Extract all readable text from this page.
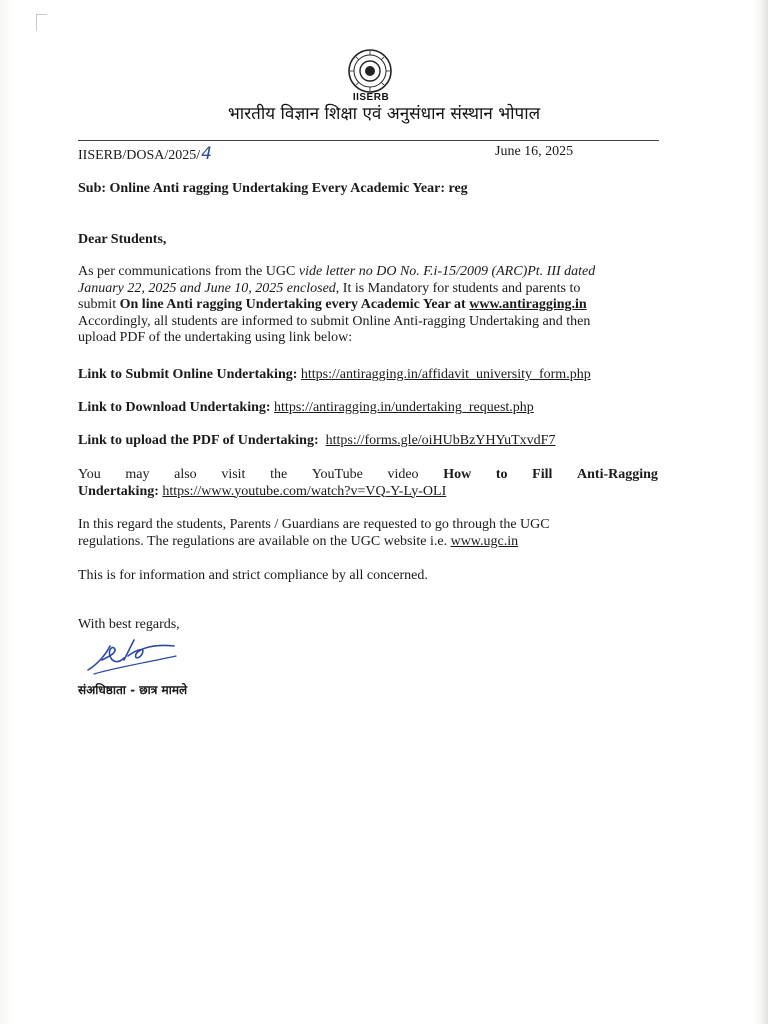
IISERB
भारतीय विज्ञान शिक्षा एवं अनुसंधान संस्थान भोपाल
IISERB/DOSA/2025/4	June 16, 2025
Sub: Online Anti ragging Undertaking Every Academic Year: reg
Dear Students,
As per communications from the UGC vide letter no DO No. F.i-15/2009 (ARC)Pt. III dated
January 22, 2025 and June 10, 2025 enclosed, It is Mandatory for students and parents to
submit On line Anti ragging Undertaking every Academic Year at www.antiragging.in
Accordingly, all students are informed to submit Online Anti-ragging Undertaking and then
upload PDF of the undertaking using link below:
Link to Submit Online Undertaking: https://antiragging.in/affidavit_university_form.php
Link to Download Undertaking: https://antiragging.in/undertaking_request.php
Link to upload the PDF of Undertaking: https://forms.gle/oiHUbBzYHYuTxvdF7
You may also visit the YouTube video How to Fill Anti-Ragging
Undertaking: https://www.youtube.com/watch?v=VQ-Y-Ly-OLI
In this regard the students, Parents / Guardians are requested to go through the UGC
regulations. The regulations are available on the UGC website i.e. www.ugc.in
This is for information and strict compliance by all concerned.
With best regards,
संअधिष्ठाता - छात्र मामले
